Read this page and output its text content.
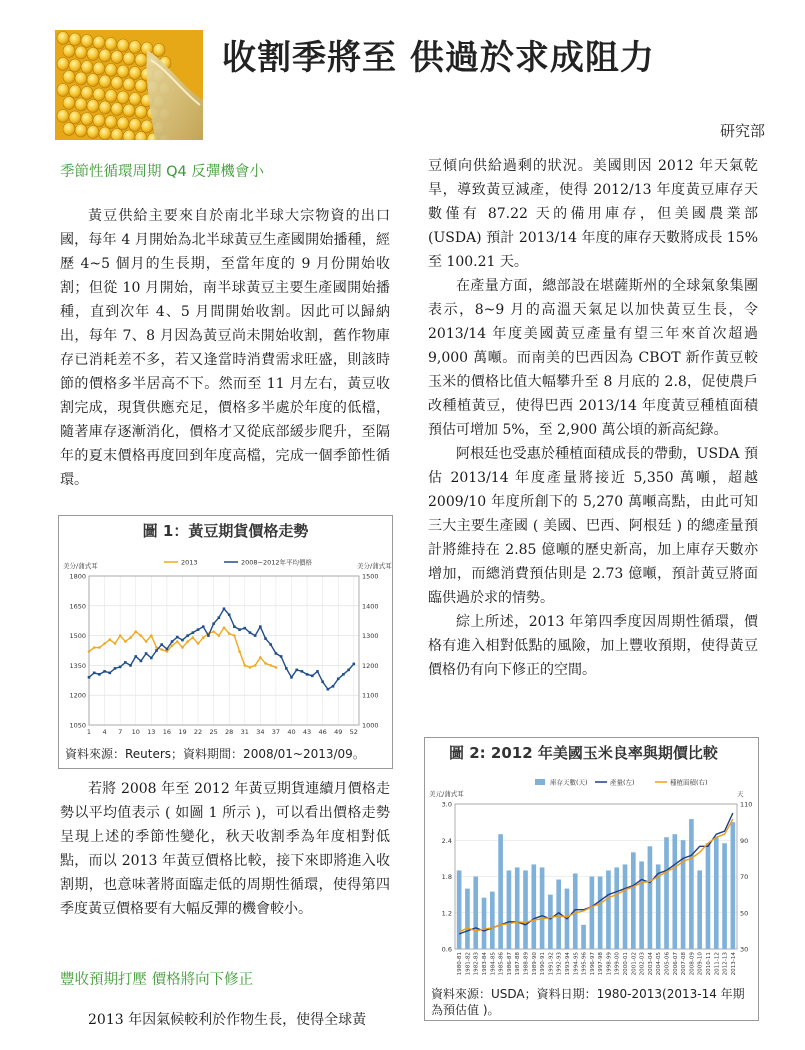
收割季將至 供過於求成阻力
研究部
季節性循環周期 Q4 反彈機會小

黃豆供給主要來自於南北半球大宗物資的出口國，每年 4 月開始為北半球黃豆生產國開始播種，經歷 4~5 個月的生長期，至當年度的 9 月份開始收割；但從 10 月開始，南半球黃豆主要生產國開始播種，直到次年 4、5 月間開始收割。因此可以歸納出，每年 7、8 月因為黃豆尚未開始收割，舊作物庫存已消耗差不多，若又逢當時消費需求旺盛，則該時節的價格多半居高不下。然而至 11 月左右，黃豆收割完成，現貨供應充足，價格多半處於年度的低檔，隨著庫存逐漸消化，價格才又從底部緩步爬升，至隔年的夏末價格再度回到年度高檔，完成一個季節性循環。

圖 1：黃豆期貨價格走勢
美分/蒲式耳	美分/蒲式耳
2013	2008~2012年平均價格
1050
1200
1350
1500
1650
1800
1000
1100
1200
1300
1400
1500
1 4 7 10 13 16 19 22 25 28 31 34 37 40 43 46 49 52
資料來源：Reuters；資料期間：2008/01~2013/09。

若將 2008 年至 2012 年黃豆期貨連續月價格走勢以平均值表示 ( 如圖 1 所示 )，可以看出價格走勢呈現上述的季節性變化，秋天收割季為年度相對低點，而以 2013 年黃豆價格比較，接下來即將進入收割期，也意味著將面臨走低的周期性循環，使得第四季度黃豆價格要有大幅反彈的機會較小。

豐收預期打壓 價格將向下修正

2013 年因氣候較利於作物生長，使得全球黃

豆傾向供給過剩的狀況。美國則因 2012 年天氣乾旱，導致黃豆減產，使得 2012/13 年度黃豆庫存天數僅有 87.22 天的備用庫存，但美國農業部 (USDA) 預計 2013/14 年度的庫存天數將成長 15% 至 100.21 天。

在產量方面，總部設在堪薩斯州的全球氣象集團表示，8~9 月的高溫天氣足以加快黃豆生長，令 2013/14 年度美國黃豆產量有望三年來首次超過 9,000 萬噸。而南美的巴西因為 CBOT 新作黃豆較玉米的價格比值大幅攀升至 8 月底的 2.8，促使農戶改種植黃豆，使得巴西 2013/14 年度黃豆種植面積預估可增加 5%，至 2,900 萬公頃的新高紀錄。

阿根廷也受惠於種植面積成長的帶動，USDA 預估 2013/14 年度產量將接近 5,350 萬噸，超越 2009/10 年度所創下的 5,270 萬噸高點，由此可知三大主要生產國 ( 美國、巴西、阿根廷 ) 的總產量預計將維持在 2.85 億噸的歷史新高，加上庫存天數亦增加，而總消費預估則是 2.73 億噸，預計黃豆將面臨供過於求的情勢。

綜上所述，2013 年第四季度因周期性循環，價格有進入相對低點的風險，加上豐收預期，使得黃豆價格仍有向下修正的空間。

圖 2: 2012 年美國玉米良率與期價比較
美元/蒲式耳	天
庫存天數(天)	產量(左)	種植面積(右)
0.6
1.2
1.8
2.4
3.0
30
50
70
90
110
1980-81 1981-82 1982-83 1983-84 1984-85 1985-86 1986-87 1987-88 1988-89 1989-90 1990-91 1991-92 1992-93 1993-94 1994-95 1995-96 1996-97 1997-98 1998-99 1999-00 2000-01 2001-02 2002-03 2003-04 2004-05 2005-06 2006-07 2007-08 2008-09 2009-10 2010-11 2011-12 2012-13 2013-14
資料來源：USDA；資料日期：1980-2013(2013-14 年期為預估值 )。
